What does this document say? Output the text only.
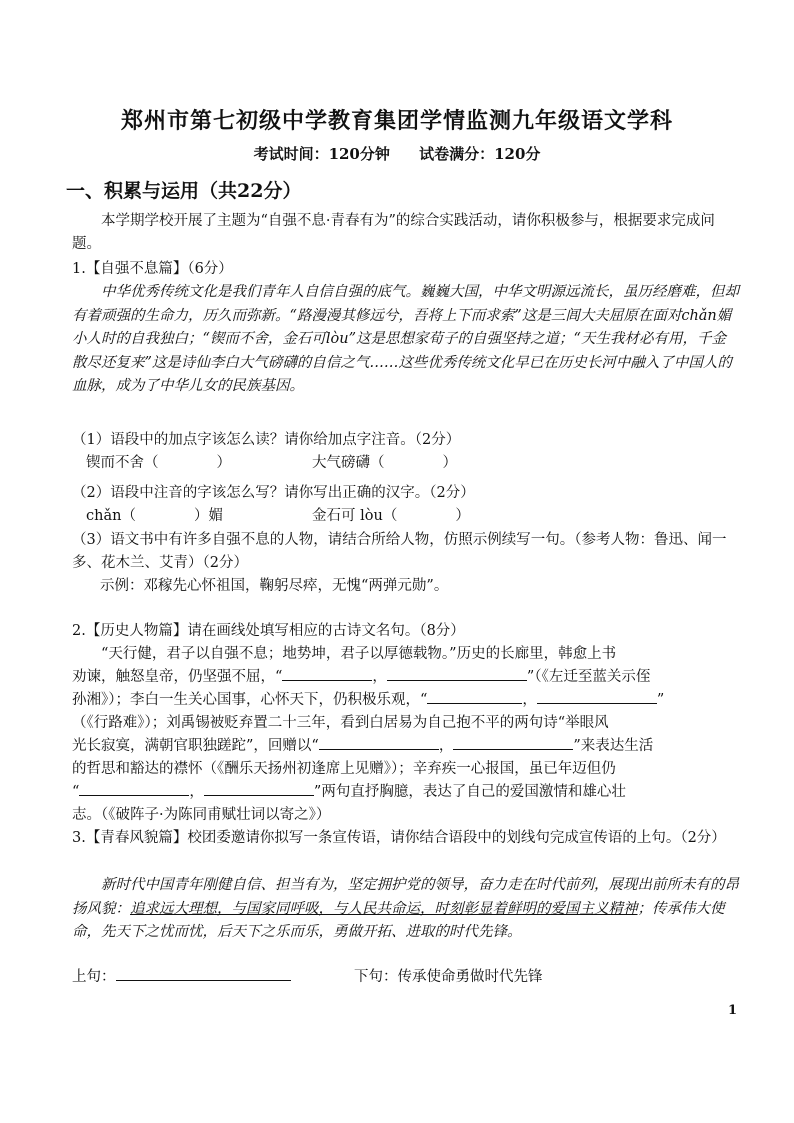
郑州市第七初级中学教育集团学情监测九年级语文学科
考试时间：120分钟 试卷满分：120分
一、积累与运用（共22分）
本学期学校开展了主题为“自强不息·青春有为”的综合实践活动，请你积极参与，根据要求完成问题。
1.【自强不息篇】（6分）
中华优秀传统文化是我们青年人自信自强的底气。巍巍大国，中华文明源远流长，虽历经磨难，但却有着顽强的生命力，历久而弥新。“路漫漫其修远兮，吾将上下而求索”这是三闾大夫屈原在面对chǎn媚小人时的自我独白；“锲而不舍，金石可lòu”这是思想家荀子的自强坚持之道；“天生我材必有用，千金散尽还复来”这是诗仙李白大气磅礴的自信之气……这些优秀传统文化早已在历史长河中融入了中国人的血脉，成为了中华儿女的民族基因。
（1）语段中的加点字该怎么读？请你给加点字注音。（2分）
锲而不舍（　　　　）	大气磅礴（　　　　）
（2）语段中注音的字该怎么写？请你写出正确的汉字。（2分）
chǎn（　　　　）媚	金石可 lòu（　　　　）
（3）语文书中有许多自强不息的人物，请结合所给人物，仿照示例续写一句。（参考人物：鲁迅、闻一多、花木兰、艾青）（2分）
示例：邓稼先心怀祖国，鞠躬尽瘁，无愧“两弹元勋”。
2.【历史人物篇】请在画线处填写相应的古诗文名句。（8分）
“天行健，君子以自强不息；地势坤，君子以厚德载物。”历史的长廊里，韩愈上书
劝谏，触怒皇帝，仍坚强不屈，“	，	”（《左迁至蓝关示侄
孙湘》）；李白一生关心国事，心怀天下，仍积极乐观，“	，	”
（《行路难》）；刘禹锡被贬弃置二十三年，看到白居易为自己抱不平的两句诗“举眼风
光长寂寞，满朝官职独蹉跎”，回赠以“	，	”来表达生活
的哲思和豁达的襟怀（《酬乐天扬州初逢席上见赠》）；辛弃疾一心报国，虽已年迈但仍
“	，	”两句直抒胸臆，表达了自己的爱国激情和雄心壮
志。（《破阵子·为陈同甫赋壮词以寄之》）
3.【青春风貌篇】校团委邀请你拟写一条宣传语，请你结合语段中的划线句完成宣传语的上句。（2分）
新时代中国青年刚健自信、担当有为，坚定拥护党的领导，奋力走在时代前列，展现出前所未有的昂扬风貌：追求远大理想，与国家同呼吸，与人民共命运，时刻彰显着鲜明的爱国主义精神；传承伟大使命，先天下之忧而忧，后天下之乐而乐，勇做开拓、进取的时代先锋。
上句：	下句：传承使命勇做时代先锋
1
